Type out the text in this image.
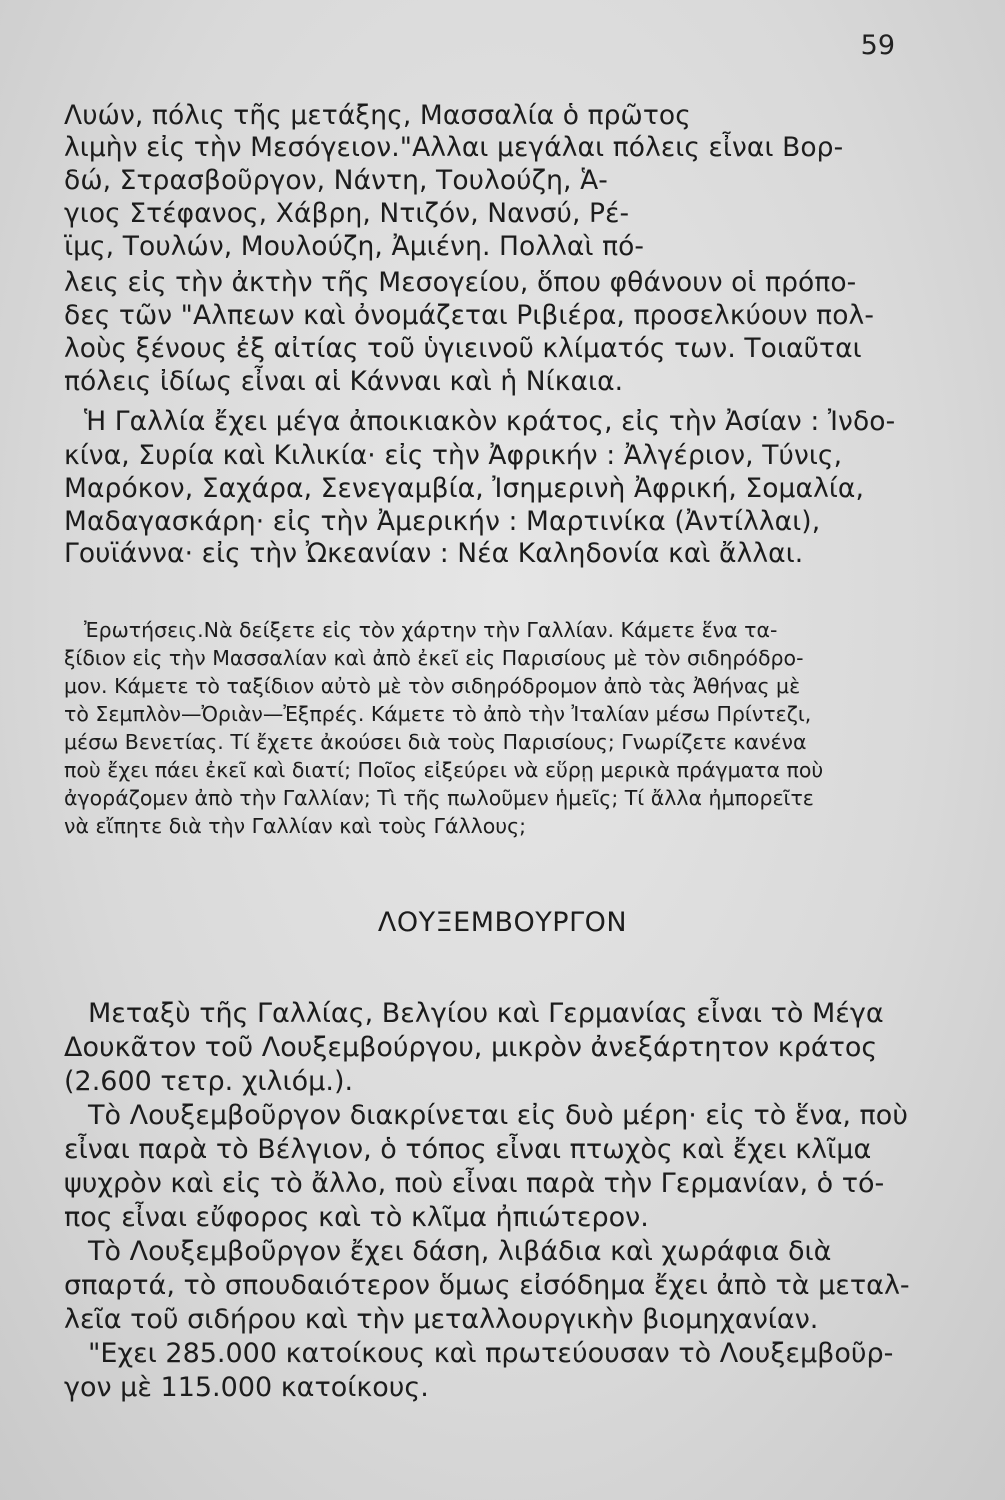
59
Λυών, πόλις τῆς μετάξης, Μασσαλία ὁ πρῶτος
λιμὴν εἰς τὴν Μεσόγειον."Αλλαι μεγάλαι πόλεις εἶναι Βορ-
δώ, Στρασβοῦργον, Νάντη, Τουλούζη, Ἁ-
γιος Στέφανος, Χάβρη, Ντιζόν, Νανσύ, Ρέ-
ϊμς, Τουλών, Μουλούζη, Ἀμιένη. Πολλαὶ πό-
λεις εἰς τὴν ἀκτὴν τῆς Μεσογείου, ὅπου φθάνουν οἱ πρόπο-
δες τῶν "Αλπεων καὶ ὀνομάζεται Ριβιέρα, προσελκύουν πολ-
λοὺς ξένους ἐξ αἰτίας τοῦ ὑγιεινοῦ κλίματός των. Τοιαῦται
πόλεις ἰδίως εἶναι αἱ Κάνναι καὶ ἡ Νίκαια.
Ἡ Γαλλία ἔχει μέγα ἀποικιακὸν κράτος, εἰς τὴν Ἀσίαν : Ἰνδο-
κίνα, Συρία καὶ Κιλικία· εἰς τὴν Ἀφρικήν : Ἀλγέριον, Τύνις,
Μαρόκον, Σαχάρα, Σενεγαμβία, Ἰσημερινὴ Ἀφρική, Σομαλία,
Μαδαγασκάρη· εἰς τὴν Ἀμερικήν : Μαρτινίκα (Ἀντίλλαι),
Γουϊάννα· εἰς τὴν Ὠκεανίαν : Νέα Καληδονία καὶ ἄλλαι.
Ἐρωτήσεις.Νὰ δείξετε εἰς τὸν χάρτην τὴν Γαλλίαν. Κάμετε ἕνα τα-
ξίδιον εἰς τὴν Μασσαλίαν καὶ ἀπὸ ἐκεῖ εἰς Παρισίους μὲ τὸν σιδηρόδρο-
μον. Κάμετε τὸ ταξίδιον αὐτὸ μὲ τὸν σιδηρόδρομον ἀπὸ τὰς Ἀθήνας μὲ
τὸ Σεμπλὸν—Ὀριὰν—Ἐξπρές. Κάμετε τὸ ἀπὸ τὴν Ἰταλίαν μέσω Πρίντεζι,
μέσω Βενετίας. Τί ἔχετε ἀκούσει διὰ τοὺς Παρισίους; Γνωρίζετε κανένα
ποὺ ἔχει πάει ἐκεῖ καὶ διατί; Ποῖος εἰξεύρει νὰ εὕρῃ μερικὰ πράγματα ποὺ
ἀγοράζομεν ἀπὸ τὴν Γαλλίαν; Τὶ τῆς πωλοῦμεν ἡμεῖς; Τί ἄλλα ἠμπορεῖτε
νὰ εἴπητε διὰ τὴν Γαλλίαν καὶ τοὺς Γάλλους;
ΛΟΥΞΕΜΒΟΥΡΓΟΝ
Μεταξὺ τῆς Γαλλίας, Βελγίου καὶ Γερμανίας εἶναι τὸ Μέγα
Δουκᾶτον τοῦ Λουξεμβούργου, μικρὸν ἀνεξάρτητον κράτος
(2.600 τετρ. χιλιόμ.).
Τὸ Λουξεμβοῦργον διακρίνεται εἰς δυὸ μέρη· εἰς τὸ ἕνα, ποὺ
εἶναι παρὰ τὸ Βέλγιον, ὁ τόπος εἶναι πτωχὸς καὶ ἔχει κλῖμα
ψυχρὸν καὶ εἰς τὸ ἄλλο, ποὺ εἶναι παρὰ τὴν Γερμανίαν, ὁ τό-
πος εἶναι εὔφορος καὶ τὸ κλῖμα ἠπιώτερον.
Τὸ Λουξεμβοῦργον ἔχει δάση, λιβάδια καὶ χωράφια διὰ
σπαρτά, τὸ σπουδαιότερον ὅμως εἰσόδημα ἔχει ἀπὸ τὰ μεταλ-
λεῖα τοῦ σιδήρου καὶ τὴν μεταλλουργικὴν βιομηχανίαν.
"Εχει 285.000 κατοίκους καὶ πρωτεύουσαν τὸ Λουξεμβοῦρ-
γον μὲ 115.000 κατοίκους.
